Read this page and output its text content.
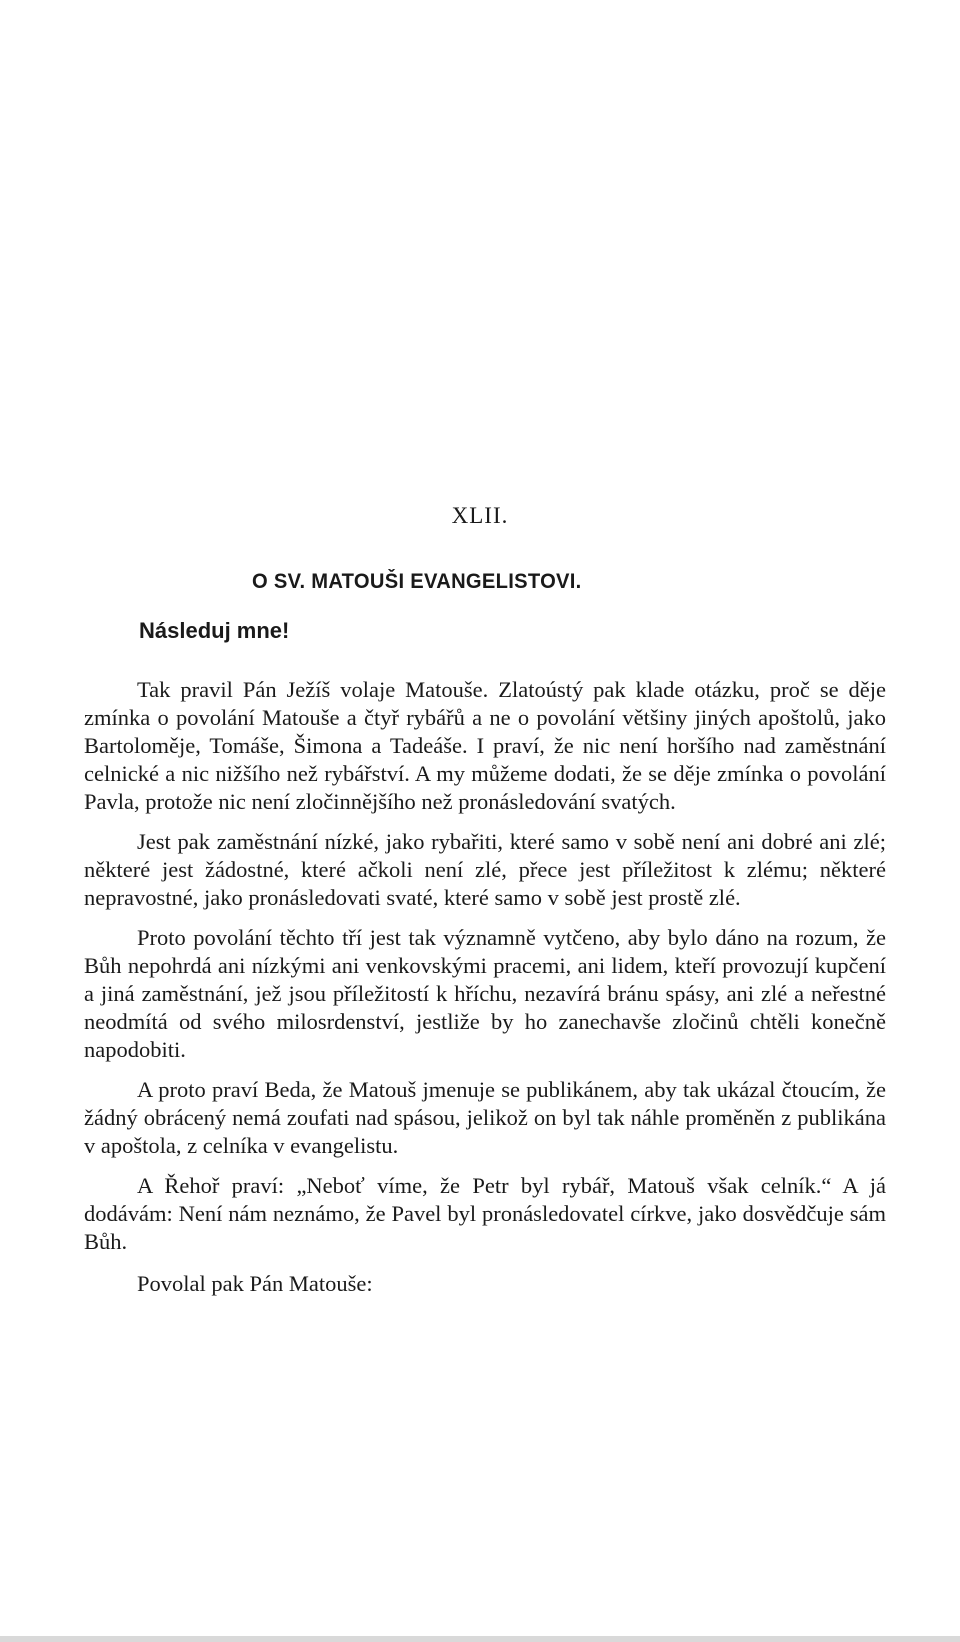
XLII.
O SV. MATOUŠI EVANGELISTOVI.
Následuj mne!

Tak pravil Pán Ježíš volaje Matouše. Zlatoústý pak klade otázku, proč se děje zmínka o povolání Matouše a čtyř rybářů a ne o povolání většiny jiných apoštolů, jako Bartoloměje, Tomáše, Šimona a Tadeáše. I praví, že nic není horšího nad zaměstnání celnické a nic nižšího než rybářství. A my můžeme dodati, že se děje zmínka o povolání Pavla, protože nic není zločinnějšího než pronásledování svatých.

Jest pak zaměstnání nízké, jako rybařiti, které samo v sobě není ani dobré ani zlé; některé jest žádostné, které ačkoli není zlé, přece jest příležitost k zlému; některé nepravostné, jako pronásledovati svaté, které samo v sobě jest prostě zlé.

Proto povolání těchto tří jest tak významně vytčeno, aby bylo dáno na rozum, že Bůh nepohrdá ani nízkými ani venkovskými pracemi, ani lidem, kteří provozují kupčení a jiná zaměstnání, jež jsou příležitostí k hříchu, nezavírá bránu spásy, ani zlé a neřestné neodmítá od svého milosrdenství, jestliže by ho zanechavše zločinů chtěli konečně napodobiti.

A proto praví Beda, že Matouš jmenuje se publikánem, aby tak ukázal čtoucím, že žádný obrácený nemá zoufati nad spásou, jelikož on byl tak náhle proměněn z publikána v apoštola, z celníka v evangelistu.

A Řehoř praví: „Neboť víme, že Petr byl rybář, Matouš však celník.“ A já dodávám: Není nám neznámo, že Pavel byl pronásledovatel církve, jako dosvědčuje sám Bůh.

Povolal pak Pán Matouše:
